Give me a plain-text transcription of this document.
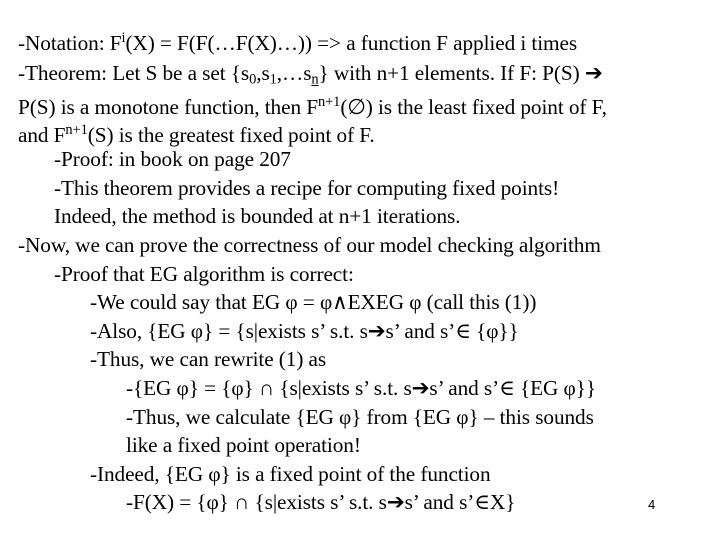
-Notation: $F^i(X)$ = F(F(…F(X)…)) => a function F applied i times
-Theorem: Let S be a set $\{s_0,s_1,\dots s_n\}$ with n+1 elements. If F: P(S) ➔
P(S) is a monotone function, then $F^{n+1}(\emptyset)$ is the least fixed point of F,
and $F^{n+1}(S)$ is the greatest fixed point of F.
-Proof: in book on page 207
-This theorem provides a recipe for computing fixed points!
Indeed, the method is bounded at n+1 iterations.
-Now, we can prove the correctness of our model checking algorithm
-Proof that EG algorithm is correct:
-We could say that EG φ = φ∧EXEG φ (call this (1))
-Also, {EG φ} = {s|exists s’ s.t. s➔s’ and s’∈ {φ}}
-Thus, we can rewrite (1) as
-{EG φ} = {φ} ∩ {s|exists s’ s.t. s➔s’ and s’∈ {EG φ}}
-Thus, we calculate {EG φ} from {EG φ} – this sounds
like a fixed point operation!
-Indeed, {EG φ} is a fixed point of the function
-F(X) = {φ} ∩ {s|exists s’ s.t. s➔s’ and s’∈X}	4
